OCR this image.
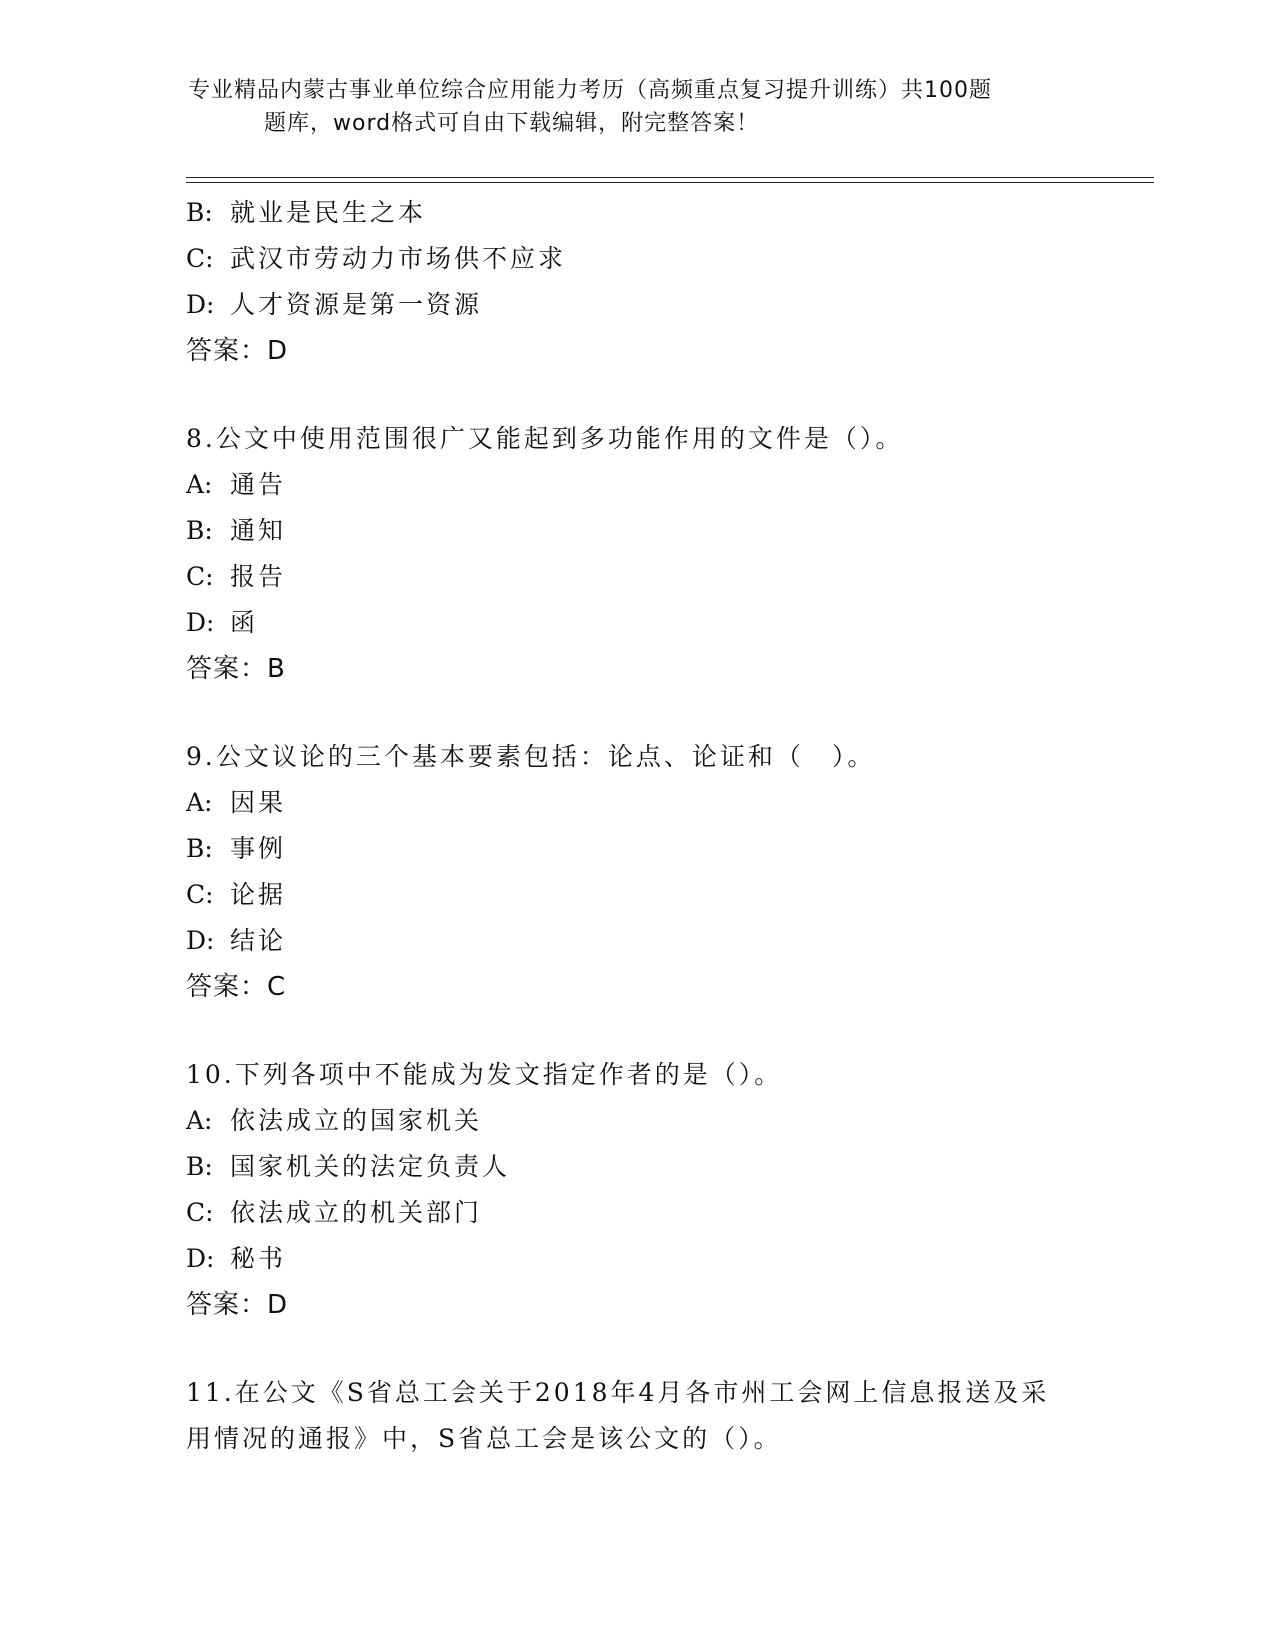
专业精品内蒙古事业单位综合应用能力考历（高频重点复习提升训练）共100题
题库，word格式可自由下载编辑，附完整答案！
B: 就业是民生之本
C: 武汉市劳动力市场供不应求
D: 人才资源是第一资源
答案：D
8.公文中使用范围很广又能起到多功能作用的文件是（）。
A: 通告
B: 通知
C: 报告
D: 函
答案：B
9.公文议论的三个基本要素包括：论点、论证和（　）。
A: 因果
B: 事例
C: 论据
D: 结论
答案：C
10.下列各项中不能成为发文指定作者的是（）。
A: 依法成立的国家机关
B: 国家机关的法定负责人
C: 依法成立的机关部门
D: 秘书
答案：D
11.在公文《S省总工会关于2018年4月各市州工会网上信息报送及采
用情况的通报》中，S省总工会是该公文的（）。
